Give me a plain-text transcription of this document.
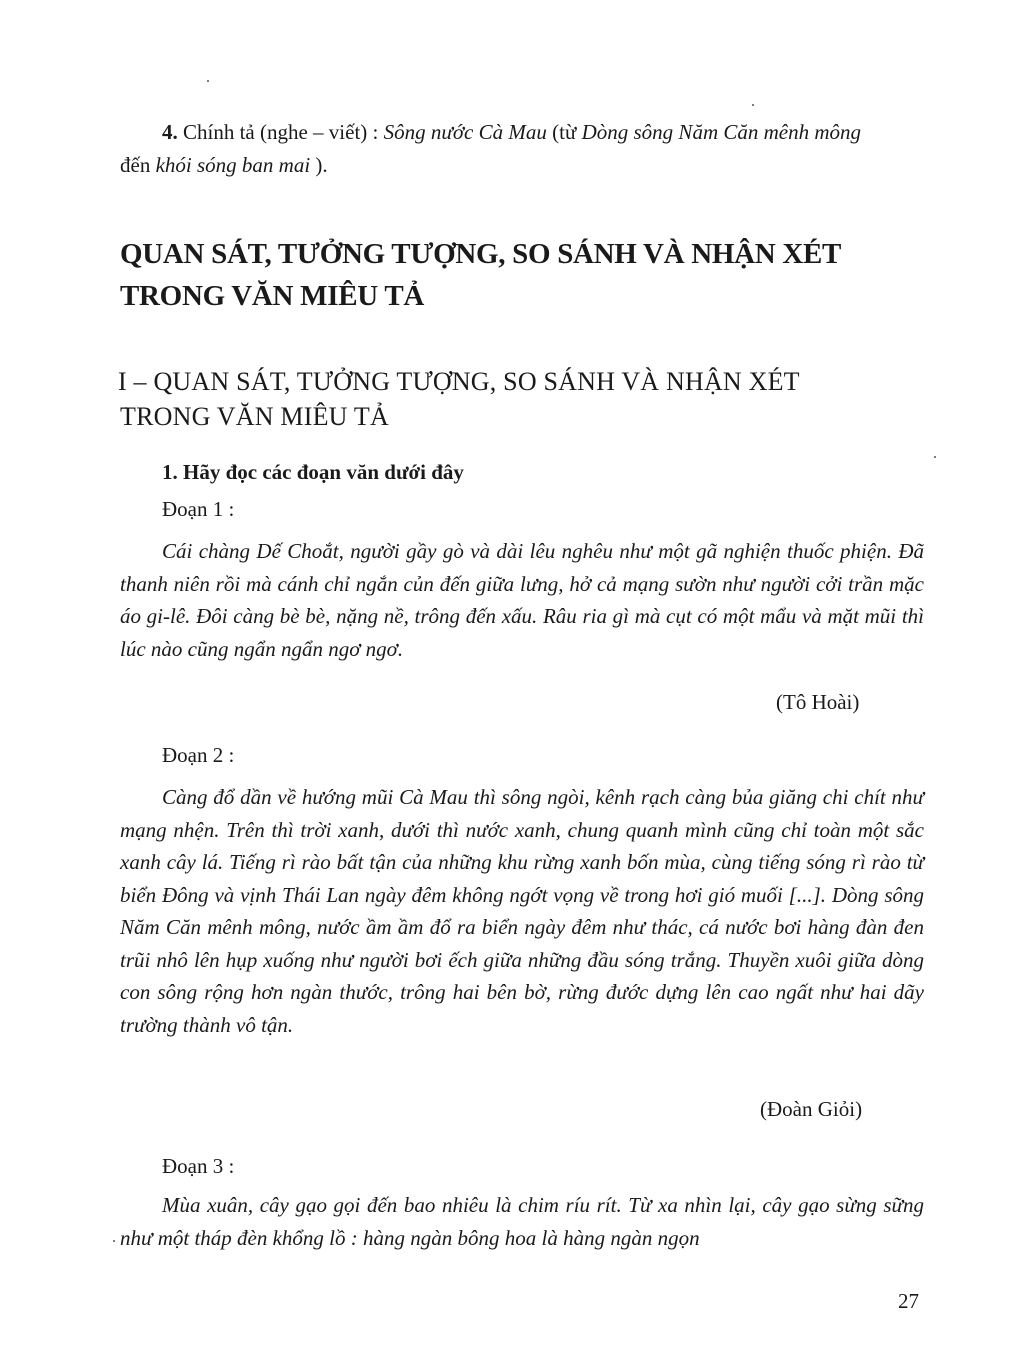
4. Chính tả (nghe – viết) : Sông nước Cà Mau (từ Dòng sông Năm Căn mênh mông
đến khói sóng ban mai ).
QUAN SÁT, TƯỞNG TƯỢNG, SO SÁNH VÀ NHẬN XÉT
TRONG VĂN MIÊU TẢ
I – QUAN SÁT, TƯỞNG TƯỢNG, SO SÁNH VÀ NHẬN XÉT
TRONG VĂN MIÊU TẢ
1. Hãy đọc các đoạn văn dưới đây
Đoạn 1 :
Cái chàng Dế Choắt, người gầy gò và dài lêu nghêu như một gã nghiện thuốc phiện. Đã thanh niên rồi mà cánh chỉ ngắn củn đến giữa lưng, hở cả mạng sườn như người cởi trần mặc áo gi-lê. Đôi càng bè bè, nặng nề, trông đến xấu. Râu ria gì mà cụt có một mẩu và mặt mũi thì lúc nào cũng ngẩn ngẩn ngơ ngơ.
(Tô Hoài)
Đoạn 2 :
Càng đổ dần về hướng mũi Cà Mau thì sông ngòi, kênh rạch càng bủa giăng chi chít như mạng nhện. Trên thì trời xanh, dưới thì nước xanh, chung quanh mình cũng chỉ toàn một sắc xanh cây lá. Tiếng rì rào bất tận của những khu rừng xanh bốn mùa, cùng tiếng sóng rì rào từ biển Đông và vịnh Thái Lan ngày đêm không ngớt vọng về trong hơi gió muối [...]. Dòng sông Năm Căn mênh mông, nước ầm ầm đổ ra biển ngày đêm như thác, cá nước bơi hàng đàn đen trũi nhô lên hụp xuống như người bơi ếch giữa những đầu sóng trắng. Thuyền xuôi giữa dòng con sông rộng hơn ngàn thước, trông hai bên bờ, rừng đước dựng lên cao ngất như hai dãy trường thành vô tận.
(Đoàn Giỏi)
Đoạn 3 :
Mùa xuân, cây gạo gọi đến bao nhiêu là chim ríu rít. Từ xa nhìn lại, cây gạo sừng sững như một tháp đèn khổng lồ : hàng ngàn bông hoa là hàng ngàn ngọn
27
